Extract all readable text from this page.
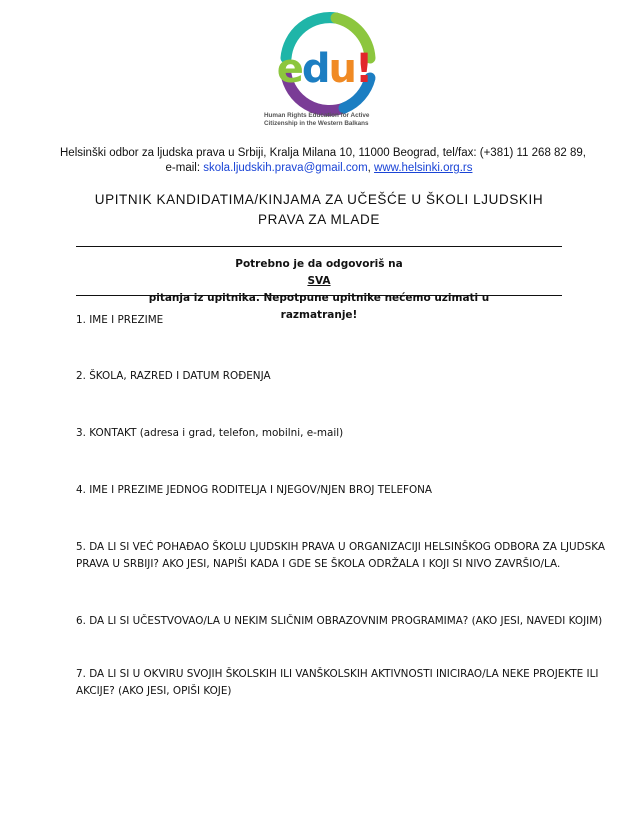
edu!
Human Rights Education for Active
Citizenship in the Western Balkans
Helsinški odbor za ljudska prava u Srbiji, Kralja Milana 10, 11000 Beograd, tel/fax: (+381) 11 268 82 89,
e-mail: skola.ljudskih.prava@gmail.com, www.helsinki.org.rs
UPITNIK KANDIDATIMA/KINJAMA ZA UČEŠĆE U ŠKOLI LJUDSKIH
PRAVA ZA MLADE
Potrebno je da odgovoriš na
SVA
pitanja iz upitnika. Nepotpune upitnike nećemo uzimati u
razmatranje!
1. IME I PREZIME
2. ŠKOLA, RAZRED I DATUM ROĐENJA
3. KONTAKT (adresa i grad, telefon, mobilni, e-mail)
4. IME I PREZIME JEDNOG RODITELJA I NJEGOV/NJEN BROJ TELEFONA
5. DA LI SI VEĆ POHAĐAO ŠKOLU LJUDSKIH PRAVA U ORGANIZACIJI HELSINŠKOG ODBORA ZA LJUDSKA
PRAVA U SRBIJI? AKO JESI, NAPIŠI KADA I GDE SE ŠKOLA ODRŽALA I KOJI SI NIVO ZAVRŠIO/LA.
6. DA LI SI UČESTVOVAO/LA U NEKIM SLIČNIM OBRAZOVNIM PROGRAMIMA? (AKO JESI, NAVEDI KOJIM)
7. DA LI SI U OKVIRU SVOJIH ŠKOLSKIH ILI VANŠKOLSKIH AKTIVNOSTI INICIRAO/LA NEKE PROJEKTE ILI
AKCIJE? (AKO JESI, OPIŠI KOJE)
